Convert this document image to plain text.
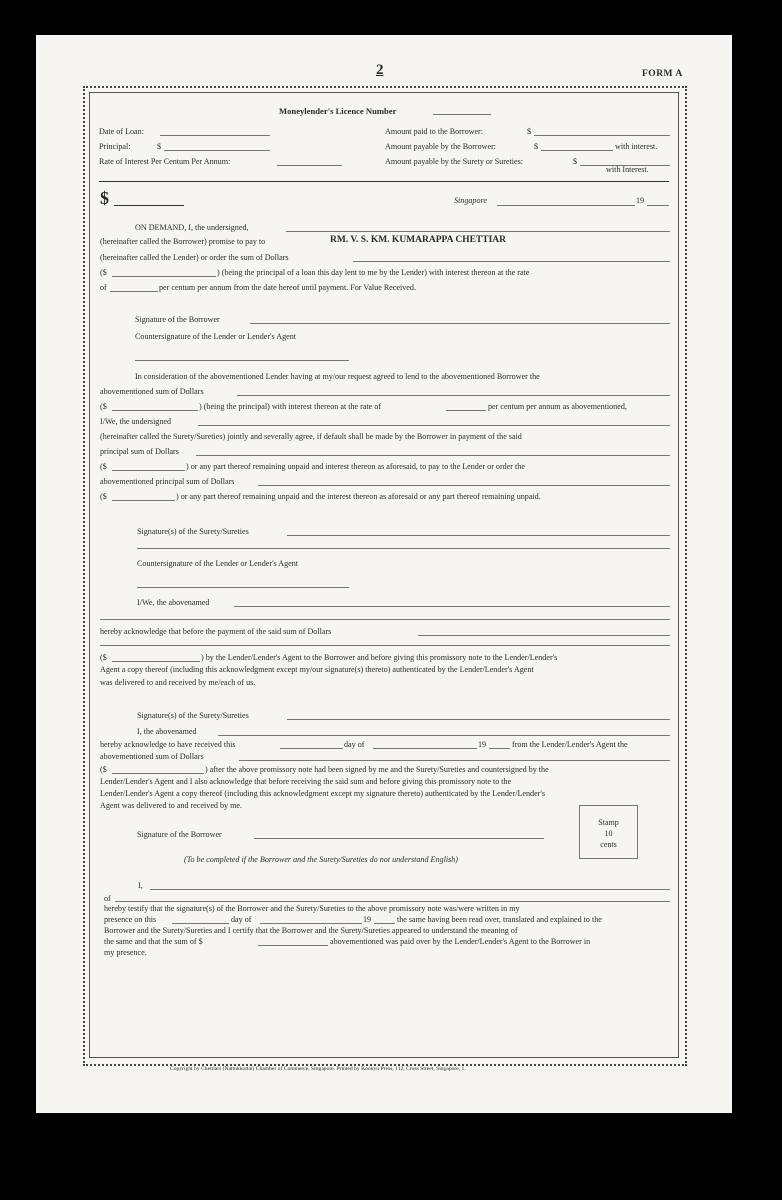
2	FORM A
Moneylender's Licence Number
Date of Loan:
Principal:	$
Rate of Interest Per Centum Per Annum:
Amount paid to the Borrower:	$
Amount payable by the Borrower:	$	with interest.
Amount payable by the Surety or Sureties:	$
with Interest.
$	Singapore	19
ON DEMAND, I, the undersigned,
(hereinafter called the Borrower) promise to pay to	RM. V. S. KM. KUMARAPPA CHETTIAR
(hereinafter called the Lender) or order the sum of Dollars
($	) (being the principal of a loan this day lent to me by the Lender) with interest thereon at the rate
of	per centum per annum from the date hereof until payment. For Value Received.
Signature of the Borrower
Countersignature of the Lender or Lender's Agent
In consideration of the abovementioned Lender having at my/our request agreed to lend to the abovementioned Borrower the
abovementioned sum of Dollars
($	) (being the principal) with interest thereon at the rate of	per centum per annum as abovementioned,
I/We, the undersigned
(hereinafter called the Surety/Sureties) jointly and severally agree, if default shall be made by the Borrower in payment of the said
principal sum of Dollars
($	) or any part thereof remaining unpaid and interest thereon as aforesaid, to pay to the Lender or order the
abovementioned principal sum of Dollars
($	) or any part thereof remaining unpaid and the interest thereon as aforesaid or any part thereof remaining unpaid.
Signature(s) of the Surety/Sureties
Countersignature of the Lender or Lender's Agent
I/We, the abovenamed
hereby acknowledge that before the payment of the said sum of Dollars
($	) by the Lender/Lender's Agent to the Borrower and before giving this promissory note to the Lender/Lender's
Agent a copy thereof (including this acknowledgment except my/our signature(s) thereto) authenticated by the Lender/Lender's Agent
was delivered to and received by me/each of us.
Signature(s) of the Surety/Sureties
I, the abovenamed
hereby acknowledge to have received this	day of	19	from the Lender/Lender's Agent the
abovementioned sum of Dollars
($	) after the above promissory note had been signed by me and the Surety/Sureties and countersigned by the
Lender/Lender's Agent and I also acknowledge that before receiving the said sum and before giving this promissory note to the
Lender/Lender's Agent a copy thereof (including this acknowledgment except my signature thereto) authenticated by the Lender/Lender's
Agent was delivered to and received by me.
Signature of the Borrower
Stamp
10
cents
(To be completed if the Borrower and the Surety/Sureties do not understand English)
I,
of
hereby testify that the signature(s) of the Borrower and the Surety/Sureties to the above promissory note was/were written in my
presence on this	day of	19	the same having been read over, translated and explained to the
Borrower and the Surety/Sureties and I certify that the Borrower and the Surety/Sureties appeared to understand the meaning of
the same and that the sum of $	abovementioned was paid over by the Lender/Lender's Agent to the Borrower in
my presence.
Copyright by Chettiars (Nattukkottai) Chamber of Commerce, Singapore. Printed by Kookyu Press, 112, Cross Street, Singapore, 1.
